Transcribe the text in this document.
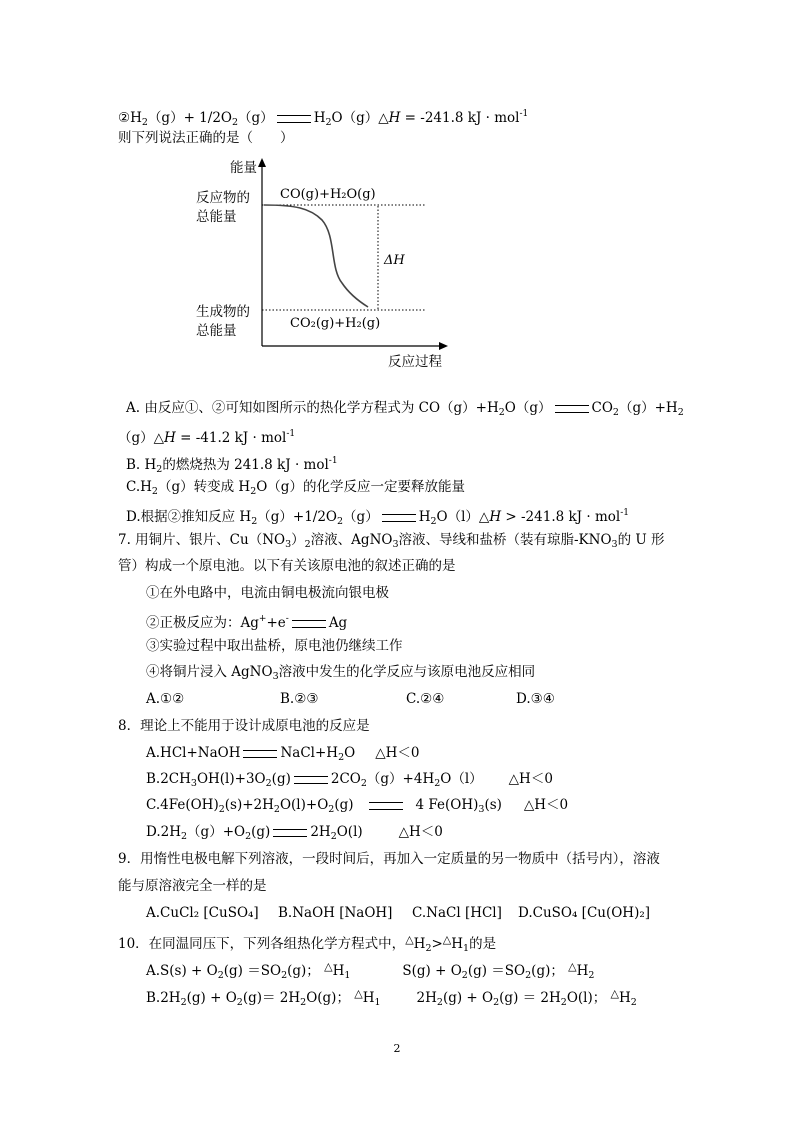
$②H_2(g)+ 1/2O_2(g)$	$H_2O(g)\triangle H = -241.8$ kJ · mol$^{-1}$
则下列说法正确的是（　　）
能量
反应物的
总能量
生成物的
总能量
CO(g)+H₂O(g)
CO₂(g)+H₂(g)
ΔH
反应过程
A. 由反应①、②可知如图所示的热化学方程式为 $CO(g)+H_2O(g)$	$CO_2(g)+H_2$
（g）△H = -41.2 kJ · mol$^{-1}$
B. $H_2$的燃烧热为 241.8 kJ · mol$^{-1}$
$C.H_2(g)$转变成 $H_2O(g)$的化学反应一定要释放能量
D.根据②推知反应 $H_2(g)+1/2O_2(g)$	$H_2O(l)\triangle H > -241.8$ kJ · mol$^{-1}$
7. 用铜片、银片、$Cu(NO_3)_2$溶液、AgNO$_3$溶液、导线和盐桥（装有琼脂$-KNO_3$的 U 形
管）构成一个原电池。以下有关该原电池的叙述正确的是
①在外电路中，电流由铜电极流向银电极
②正极反应为：Ag++e-	Ag
③实验过程中取出盐桥，原电池仍继续工作
④将铜片浸入 AgNO$_3$溶液中发生的化学反应与该原电池反应相同
A.①②	B.②③	C.②④	D.③④
8．理论上不能用于设计成原电池的反应是
A.HCl+NaOH	$NaCl+H_2O$ △H＜0
$B.2CH_3OH(l)+3O_2(g)$	$2CO_2(g)+4H_2O(l)$ △H＜0
$C.4Fe(OH)_2(s)+2H_2O(l)+O_2(g)$	4 $Fe(OH)_3(s)$ △H＜0
$D.2H_2(g)+O_2(g)$	$2H_2O(l)$	△H＜0
9．用惰性电极电解下列溶液，一段时间后，再加入一定质量的另一物质中（括号内），溶液
能与原溶液完全一样的是
A.CuCl₂ [CuSO₄] B.NaOH [NaOH] C.NaCl [HCl] D.CuSO₄ [Cu(OH)₂]
10．在同温同压下，下列各组热化学方程式中，$^\triangle H_2>^\triangle H_1$的是
$A.S(s) + O_2(g) =SO_2(g)$； $^\triangle H_1$	$S(g) + O_2(g) =SO_2(g)$； $^\triangle H_2$
$B.2H_2(g) + O_2(g)= 2H_2O(g)$； $^\triangle H_1$	$2H_2(g) + O_2(g) = 2H_2O(l)$； $^\triangle H_2$
2
